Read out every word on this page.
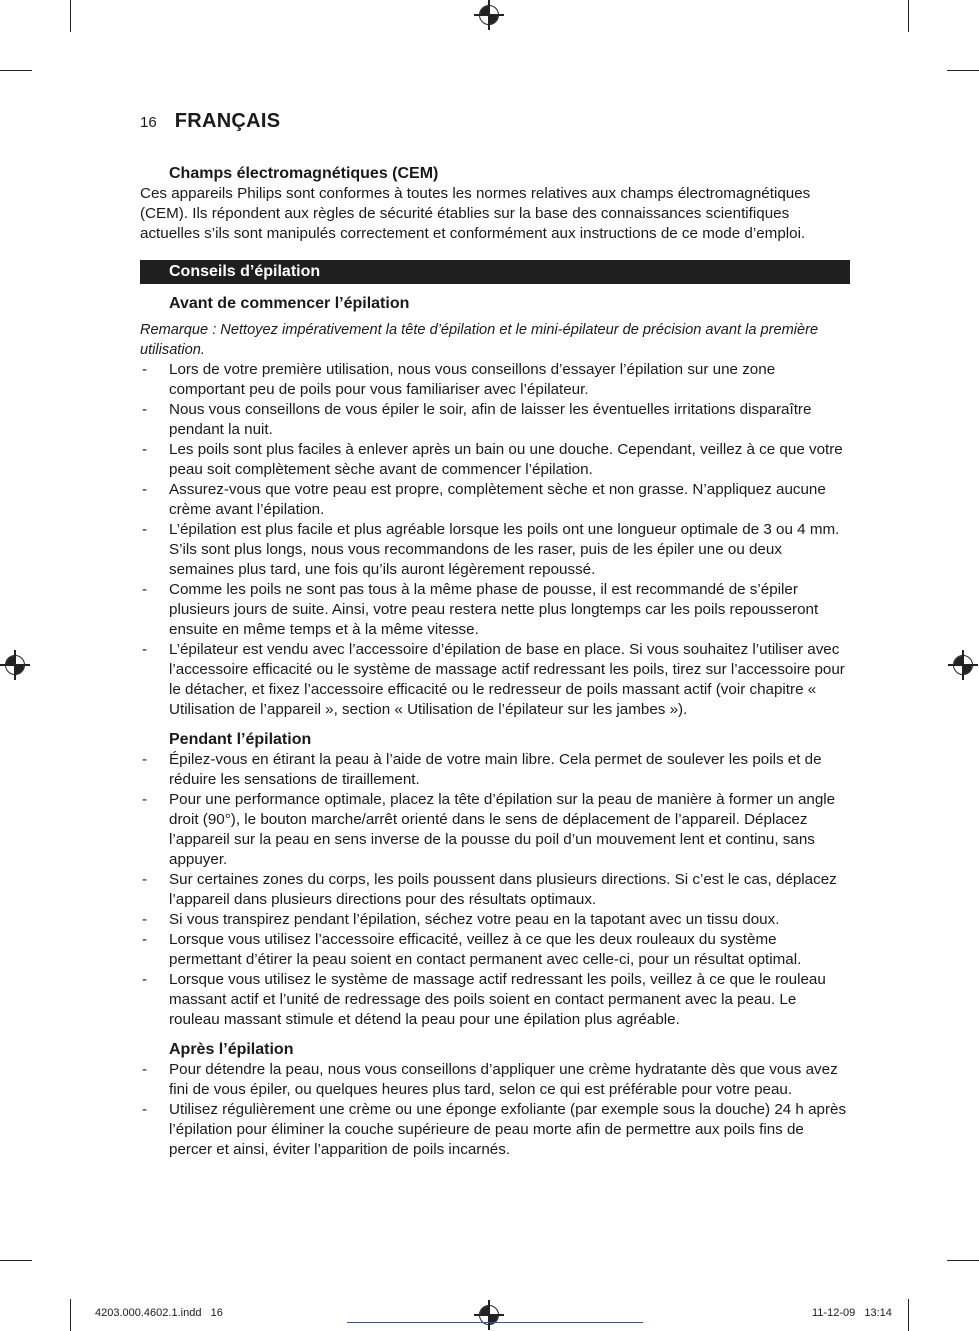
16 FRANÇAIS
Champs électromagnétiques (CEM)

Ces appareils Philips sont conformes à toutes les normes relatives aux champs électromagnétiques (CEM). Ils répondent aux règles de sécurité établies sur la base des connaissances scientifiques actuelles s’ils sont manipulés correctement et conformément aux instructions de ce mode d’emploi.

Conseils d’épilation
Avant de commencer l’épilation

Remarque : Nettoyez impérativement la tête d’épilation et le mini-épilateur de précision avant la première utilisation.

- Lors de votre première utilisation, nous vous conseillons d’essayer l’épilation sur une zone comportant peu de poils pour vous familiariser avec l’épilateur.
- Nous vous conseillons de vous épiler le soir, afin de laisser les éventuelles irritations disparaître pendant la nuit.
- Les poils sont plus faciles à enlever après un bain ou une douche. Cependant, veillez à ce que votre peau soit complètement sèche avant de commencer l’épilation.
- Assurez-vous que votre peau est propre, complètement sèche et non grasse. N’appliquez aucune crème avant l’épilation.
- L’épilation est plus facile et plus agréable lorsque les poils ont une longueur optimale de 3 ou 4 mm. S’ils sont plus longs, nous vous recommandons de les raser, puis de les épiler une ou deux semaines plus tard, une fois qu’ils auront légèrement repoussé.
- Comme les poils ne sont pas tous à la même phase de pousse, il est recommandé de s’épiler plusieurs jours de suite. Ainsi, votre peau restera nette plus longtemps car les poils repousseront ensuite en même temps et à la même vitesse.
- L’épilateur est vendu avec l’accessoire d’épilation de base en place. Si vous souhaitez l’utiliser avec l’accessoire efficacité ou le système de massage actif redressant les poils, tirez sur l’accessoire pour le détacher, et fixez l’accessoire efficacité ou le redresseur de poils massant actif (voir chapitre « Utilisation de l’appareil », section « Utilisation de l’épilateur sur les jambes »).
Pendant l’épilation
- Épilez-vous en étirant la peau à l’aide de votre main libre. Cela permet de soulever les poils et de réduire les sensations de tiraillement.
- Pour une performance optimale, placez la tête d’épilation sur la peau de manière à former un angle droit (90°), le bouton marche/arrêt orienté dans le sens de déplacement de l’appareil. Déplacez l’appareil sur la peau en sens inverse de la pousse du poil d’un mouvement lent et continu, sans appuyer.
- Sur certaines zones du corps, les poils poussent dans plusieurs directions. Si c’est le cas, déplacez l’appareil dans plusieurs directions pour des résultats optimaux.
- Si vous transpirez pendant l’épilation, séchez votre peau en la tapotant avec un tissu doux.
- Lorsque vous utilisez l’accessoire efficacité, veillez à ce que les deux rouleaux du système permettant d’étirer la peau soient en contact permanent avec celle-ci, pour un résultat optimal.
- Lorsque vous utilisez le système de massage actif redressant les poils, veillez à ce que le rouleau massant actif et l’unité de redressage des poils soient en contact permanent avec la peau. Le rouleau massant stimule et détend la peau pour une épilation plus agréable.
Après l’épilation
- Pour détendre la peau, nous vous conseillons d’appliquer une crème hydratante dès que vous avez fini de vous épiler, ou quelques heures plus tard, selon ce qui est préférable pour votre peau.
- Utilisez régulièrement une crème ou une éponge exfoliante (par exemple sous la douche) 24 h après l’épilation pour éliminer la couche supérieure de peau morte afin de permettre aux poils fins de percer et ainsi, éviter l’apparition de poils incarnés.
4203.000.4602.1.indd   16	11-12-09   13:14
